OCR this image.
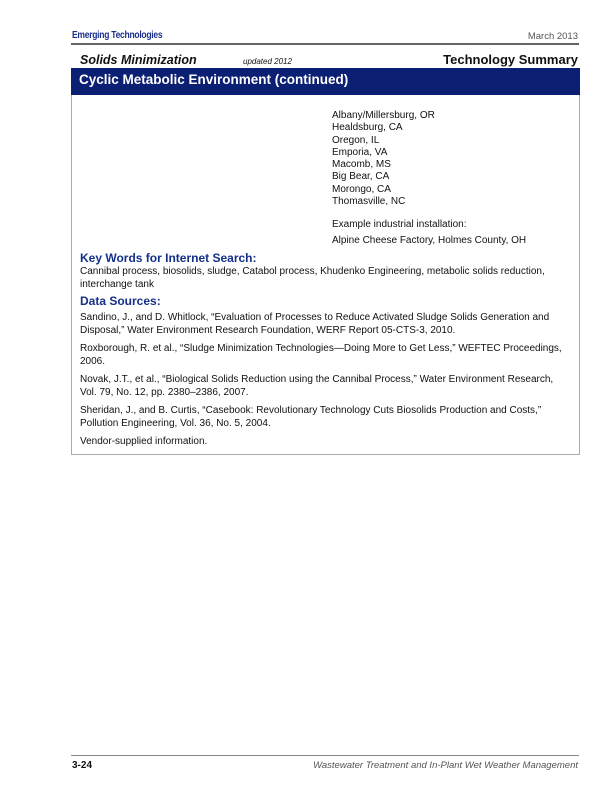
Emerging Technologies	March 2013
Solids Minimization	updated 2012	Technology Summary
Cyclic Metabolic Environment (continued)
Albany/Millersburg, OR
Healdsburg, CA
Oregon, IL
Emporia, VA
Macomb, MS
Big Bear, CA
Morongo, CA
Thomasville, NC
Example industrial installation:
Alpine Cheese Factory, Holmes County, OH
Key Words for Internet Search:
Cannibal process, biosolids, sludge, Catabol process, Khudenko Engineering, metabolic solids reduction, interchange tank
Data Sources:
Sandino, J., and D. Whitlock, “Evaluation of Processes to Reduce Activated Sludge Solids Generation and Disposal,” Water Environment Research Foundation, WERF Report 05-CTS-3, 2010.
Roxborough, R. et al., “Sludge Minimization Technologies—Doing More to Get Less,” WEFTEC Proceedings, 2006.
Novak, J.T., et al., “Biological Solids Reduction using the Cannibal Process,” Water Environment Research, Vol. 79, No. 12, pp. 2380–2386, 2007.
Sheridan, J., and B. Curtis, “Casebook: Revolutionary Technology Cuts Biosolids Production and Costs,” Pollution Engineering, Vol. 36, No. 5, 2004.
Vendor-supplied information.
3-24	Wastewater Treatment and In-Plant Wet Weather Management
